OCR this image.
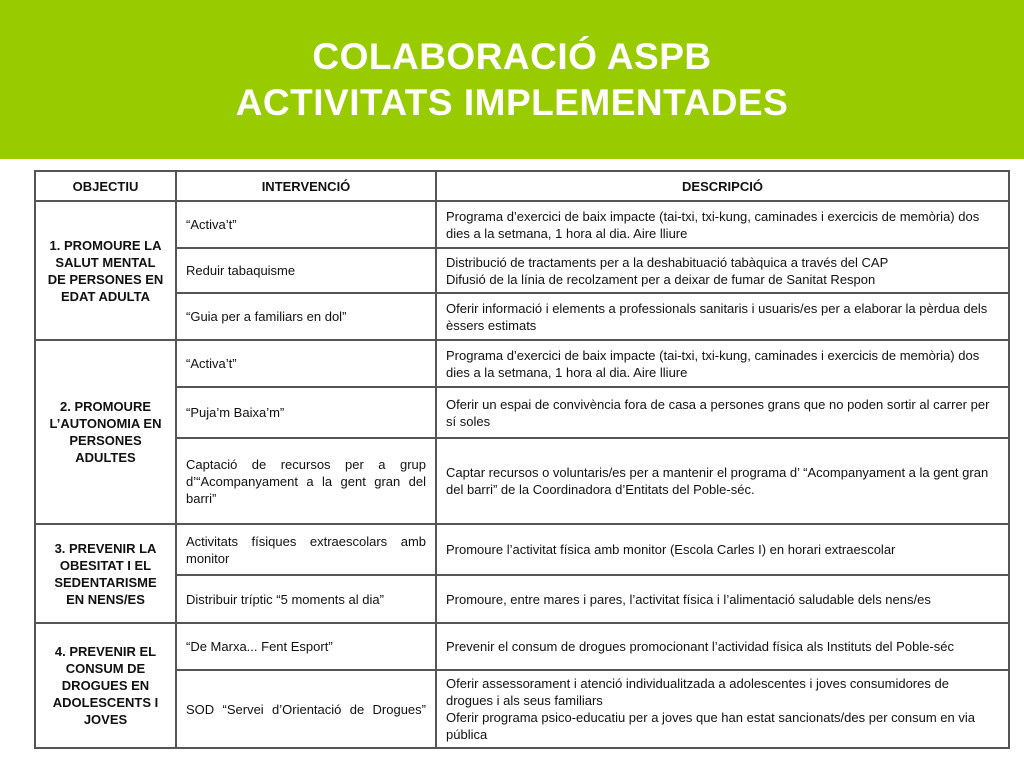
COLABORACIÓ ASPB
ACTIVITATS IMPLEMENTADES
OBJECTIU	INTERVENCIÓ	DESCRIPCIÓ
1. PROMOURE LA SALUT MENTAL DE PERSONES EN EDAT ADULTA	“Activa’t”	Programa d’exercici de baix impacte (tai-txi, txi-kung, caminades i exercicis de memòria) dos dies a la setmana, 1 hora al dia. Aire lliure
	Reduir tabaquisme	Distribució de tractaments per a la deshabituació tabàquica a través del CAP
Difusió de la línia de recolzament per a deixar de fumar de Sanitat Respon

	“Guia per a familiars en dol”	Oferir informació i elements a professionals sanitaris i usuaris/es per a elaborar la pèrdua dels èssers estimats
2. PROMOURE L’AUTONOMIA EN PERSONES ADULTES	“Activa’t”	Programa d’exercici de baix impacte (tai-txi, txi-kung, caminades i exercicis de memòria) dos dies a la setmana, 1 hora al dia. Aire lliure
	“Puja’m Baixa’m”	Oferir un espai de convivència fora de casa a persones grans que no poden sortir al carrer per sí soles
	Captació de recursos per a grup d’“Acompanyament a la gent gran del barri”	Captar recursos o voluntaris/es per a mantenir el programa d’ “Acompanyament a la gent gran del barri” de la Coordinadora d’Entitats del Poble-séc.
3. PREVENIR LA OBESITAT I EL SEDENTARISME EN NENS/ES	Activitats físiques extraescolars amb monitor	Promoure l’activitat física amb monitor (Escola Carles I) en horari extraescolar
	Distribuir tríptic “5 moments al dia”	Promoure, entre mares i pares, l’activitat física i l’alimentació saludable dels nens/es
4. PREVENIR EL CONSUM DE DROGUES EN ADOLESCENTS I JOVES	“De Marxa... Fent Esport”	Prevenir el consum de drogues promocionant l’actividad física als Instituts del Poble-séc
	SOD “Servei d’Orientació de Drogues”	Oferir assessorament i atenció individualitzada a adolescentes i joves consumidores de drogues i als seus familiars
Oferir programa psico-educatiu per a joves que han estat sancionats/des per consum en via pública
